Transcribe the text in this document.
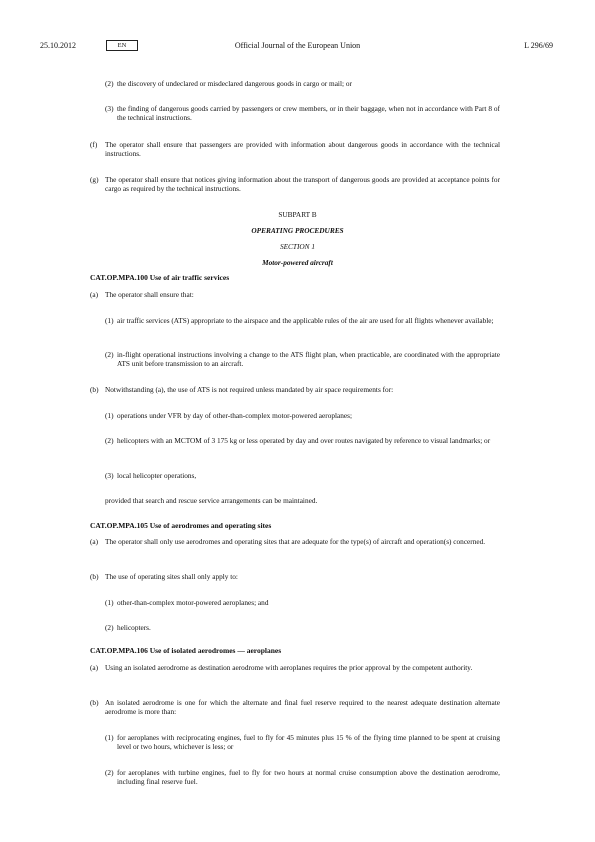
25.10.2012	EN	Official Journal of the European Union	L 296/69
(2) the discovery of undeclared or misdeclared dangerous goods in cargo or mail; or
(3) the finding of dangerous goods carried by passengers or crew members, or in their baggage, when not in accordance with Part 8 of the technical instructions.
(f) The operator shall ensure that passengers are provided with information about dangerous goods in accordance with the technical instructions.
(g) The operator shall ensure that notices giving information about the transport of dangerous goods are provided at acceptance points for cargo as required by the technical instructions.
SUBPART B
OPERATING PROCEDURES
SECTION 1
Motor-powered aircraft
CAT.OP.MPA.100 Use of air traffic services
(a) The operator shall ensure that:
(1) air traffic services (ATS) appropriate to the airspace and the applicable rules of the air are used for all flights whenever available;
(2) in-flight operational instructions involving a change to the ATS flight plan, when practicable, are coordinated with the appropriate ATS unit before transmission to an aircraft.
(b) Notwithstanding (a), the use of ATS is not required unless mandated by air space requirements for:
(1) operations under VFR by day of other-than-complex motor-powered aeroplanes;
(2) helicopters with an MCTOM of 3 175 kg or less operated by day and over routes navigated by reference to visual landmarks; or
(3) local helicopter operations,
provided that search and rescue service arrangements can be maintained.
CAT.OP.MPA.105 Use of aerodromes and operating sites
(a) The operator shall only use aerodromes and operating sites that are adequate for the type(s) of aircraft and operation(s) concerned.
(b) The use of operating sites shall only apply to:
(1) other-than-complex motor-powered aeroplanes; and
(2) helicopters.
CAT.OP.MPA.106 Use of isolated aerodromes — aeroplanes
(a) Using an isolated aerodrome as destination aerodrome with aeroplanes requires the prior approval by the competent authority.
(b) An isolated aerodrome is one for which the alternate and final fuel reserve required to the nearest adequate destination alternate aerodrome is more than:
(1) for aeroplanes with reciprocating engines, fuel to fly for 45 minutes plus 15 % of the flying time planned to be spent at cruising level or two hours, whichever is less; or
(2) for aeroplanes with turbine engines, fuel to fly for two hours at normal cruise consumption above the destination aerodrome, including final reserve fuel.
